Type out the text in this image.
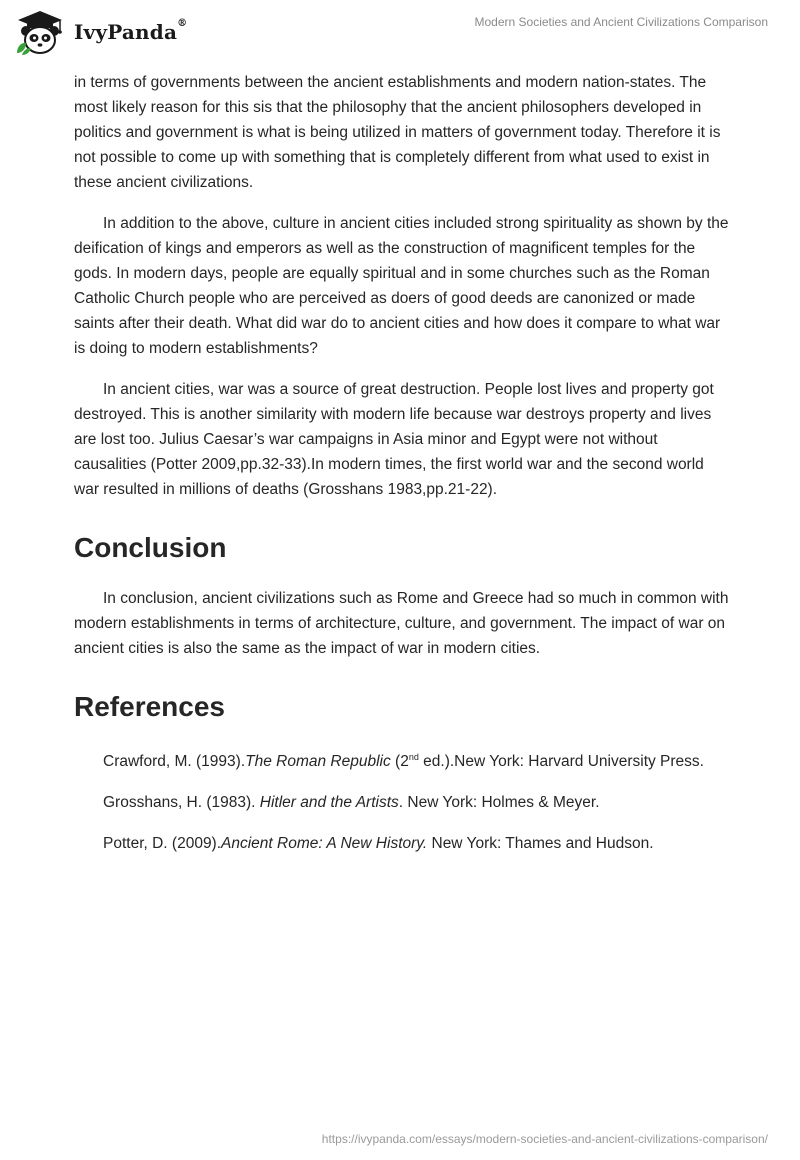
IvyPanda®	Modern Societies and Ancient Civilizations Comparison

in terms of governments between the ancient establishments and modern nation-states. The most likely reason for this sis that the philosophy that the ancient philosophers developed in politics and government is what is being utilized in matters of government today. Therefore it is not possible to come up with something that is completely different from what used to exist in these ancient civilizations.

In addition to the above, culture in ancient cities included strong spirituality as shown by the deification of kings and emperors as well as the construction of magnificent temples for the gods. In modern days, people are equally spiritual and in some churches such as the Roman Catholic Church people who are perceived as doers of good deeds are canonized or made saints after their death. What did war do to ancient cities and how does it compare to what war is doing to modern establishments?

In ancient cities, war was a source of great destruction. People lost lives and property got destroyed. This is another similarity with modern life because war destroys property and lives are lost too. Julius Caesar’s war campaigns in Asia minor and Egypt were not without causalities (Potter 2009,pp.32-33).In modern times, the first world war and the second world war resulted in millions of deaths (Grosshans 1983,pp.21-22).

Conclusion

In conclusion, ancient civilizations such as Rome and Greece had so much in common with modern establishments in terms of architecture, culture, and government. The impact of war on ancient cities is also the same as the impact of war in modern cities.

References

Crawford, M. (1993).The Roman Republic (2nd ed.).New York: Harvard University Press.

Grosshans, H. (1983). Hitler and the Artists. New York: Holmes & Meyer.

Potter, D. (2009).Ancient Rome: A New History. New York: Thames and Hudson.

https://ivypanda.com/essays/modern-societies-and-ancient-civilizations-comparison/
